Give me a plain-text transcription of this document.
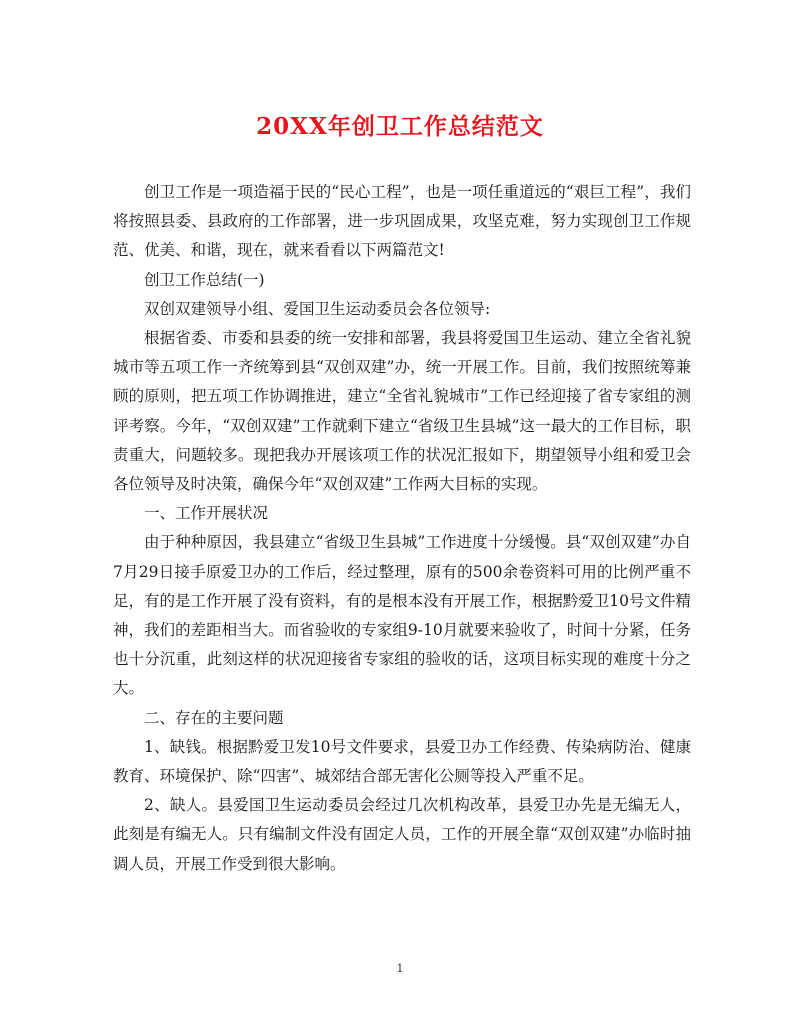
20XX年创卫工作总结范文

创卫工作是一项造福于民的“民心工程”，也是一项任重道远的“艰巨工程”，我们将按照县委、县政府的工作部署，进一步巩固成果，攻坚克难，努力实现创卫工作规范、优美、和谐，现在，就来看看以下两篇范文!

创卫工作总结(一)

双创双建领导小组、爱国卫生运动委员会各位领导:

根据省委、市委和县委的统一安排和部署，我县将爱国卫生运动、建立全省礼貌城市等五项工作一齐统筹到县“双创双建”办，统一开展工作。目前，我们按照统筹兼顾的原则，把五项工作协调推进，建立“全省礼貌城市”工作已经迎接了省专家组的测评考察。今年，“双创双建”工作就剩下建立“省级卫生县城”这一最大的工作目标，职责重大，问题较多。现把我办开展该项工作的状况汇报如下，期望领导小组和爱卫会各位领导及时决策，确保今年“双创双建”工作两大目标的实现。

一、工作开展状况

由于种种原因，我县建立“省级卫生县城”工作进度十分缓慢。县“双创双建”办自7月29日接手原爱卫办的工作后，经过整理，原有的500余卷资料可用的比例严重不足，有的是工作开展了没有资料，有的是根本没有开展工作，根据黔爱卫10号文件精神，我们的差距相当大。而省验收的专家组9-10月就要来验收了，时间十分紧，任务也十分沉重，此刻这样的状况迎接省专家组的验收的话，这项目标实现的难度十分之大。

二、存在的主要问题

1、缺钱。根据黔爱卫发10号文件要求，县爱卫办工作经费、传染病防治、健康教育、环境保护、除“四害”、城郊结合部无害化公厕等投入严重不足。

2、缺人。县爱国卫生运动委员会经过几次机构改革，县爱卫办先是无编无人，此刻是有编无人。只有编制文件没有固定人员，工作的开展全靠“双创双建”办临时抽调人员，开展工作受到很大影响。

1
